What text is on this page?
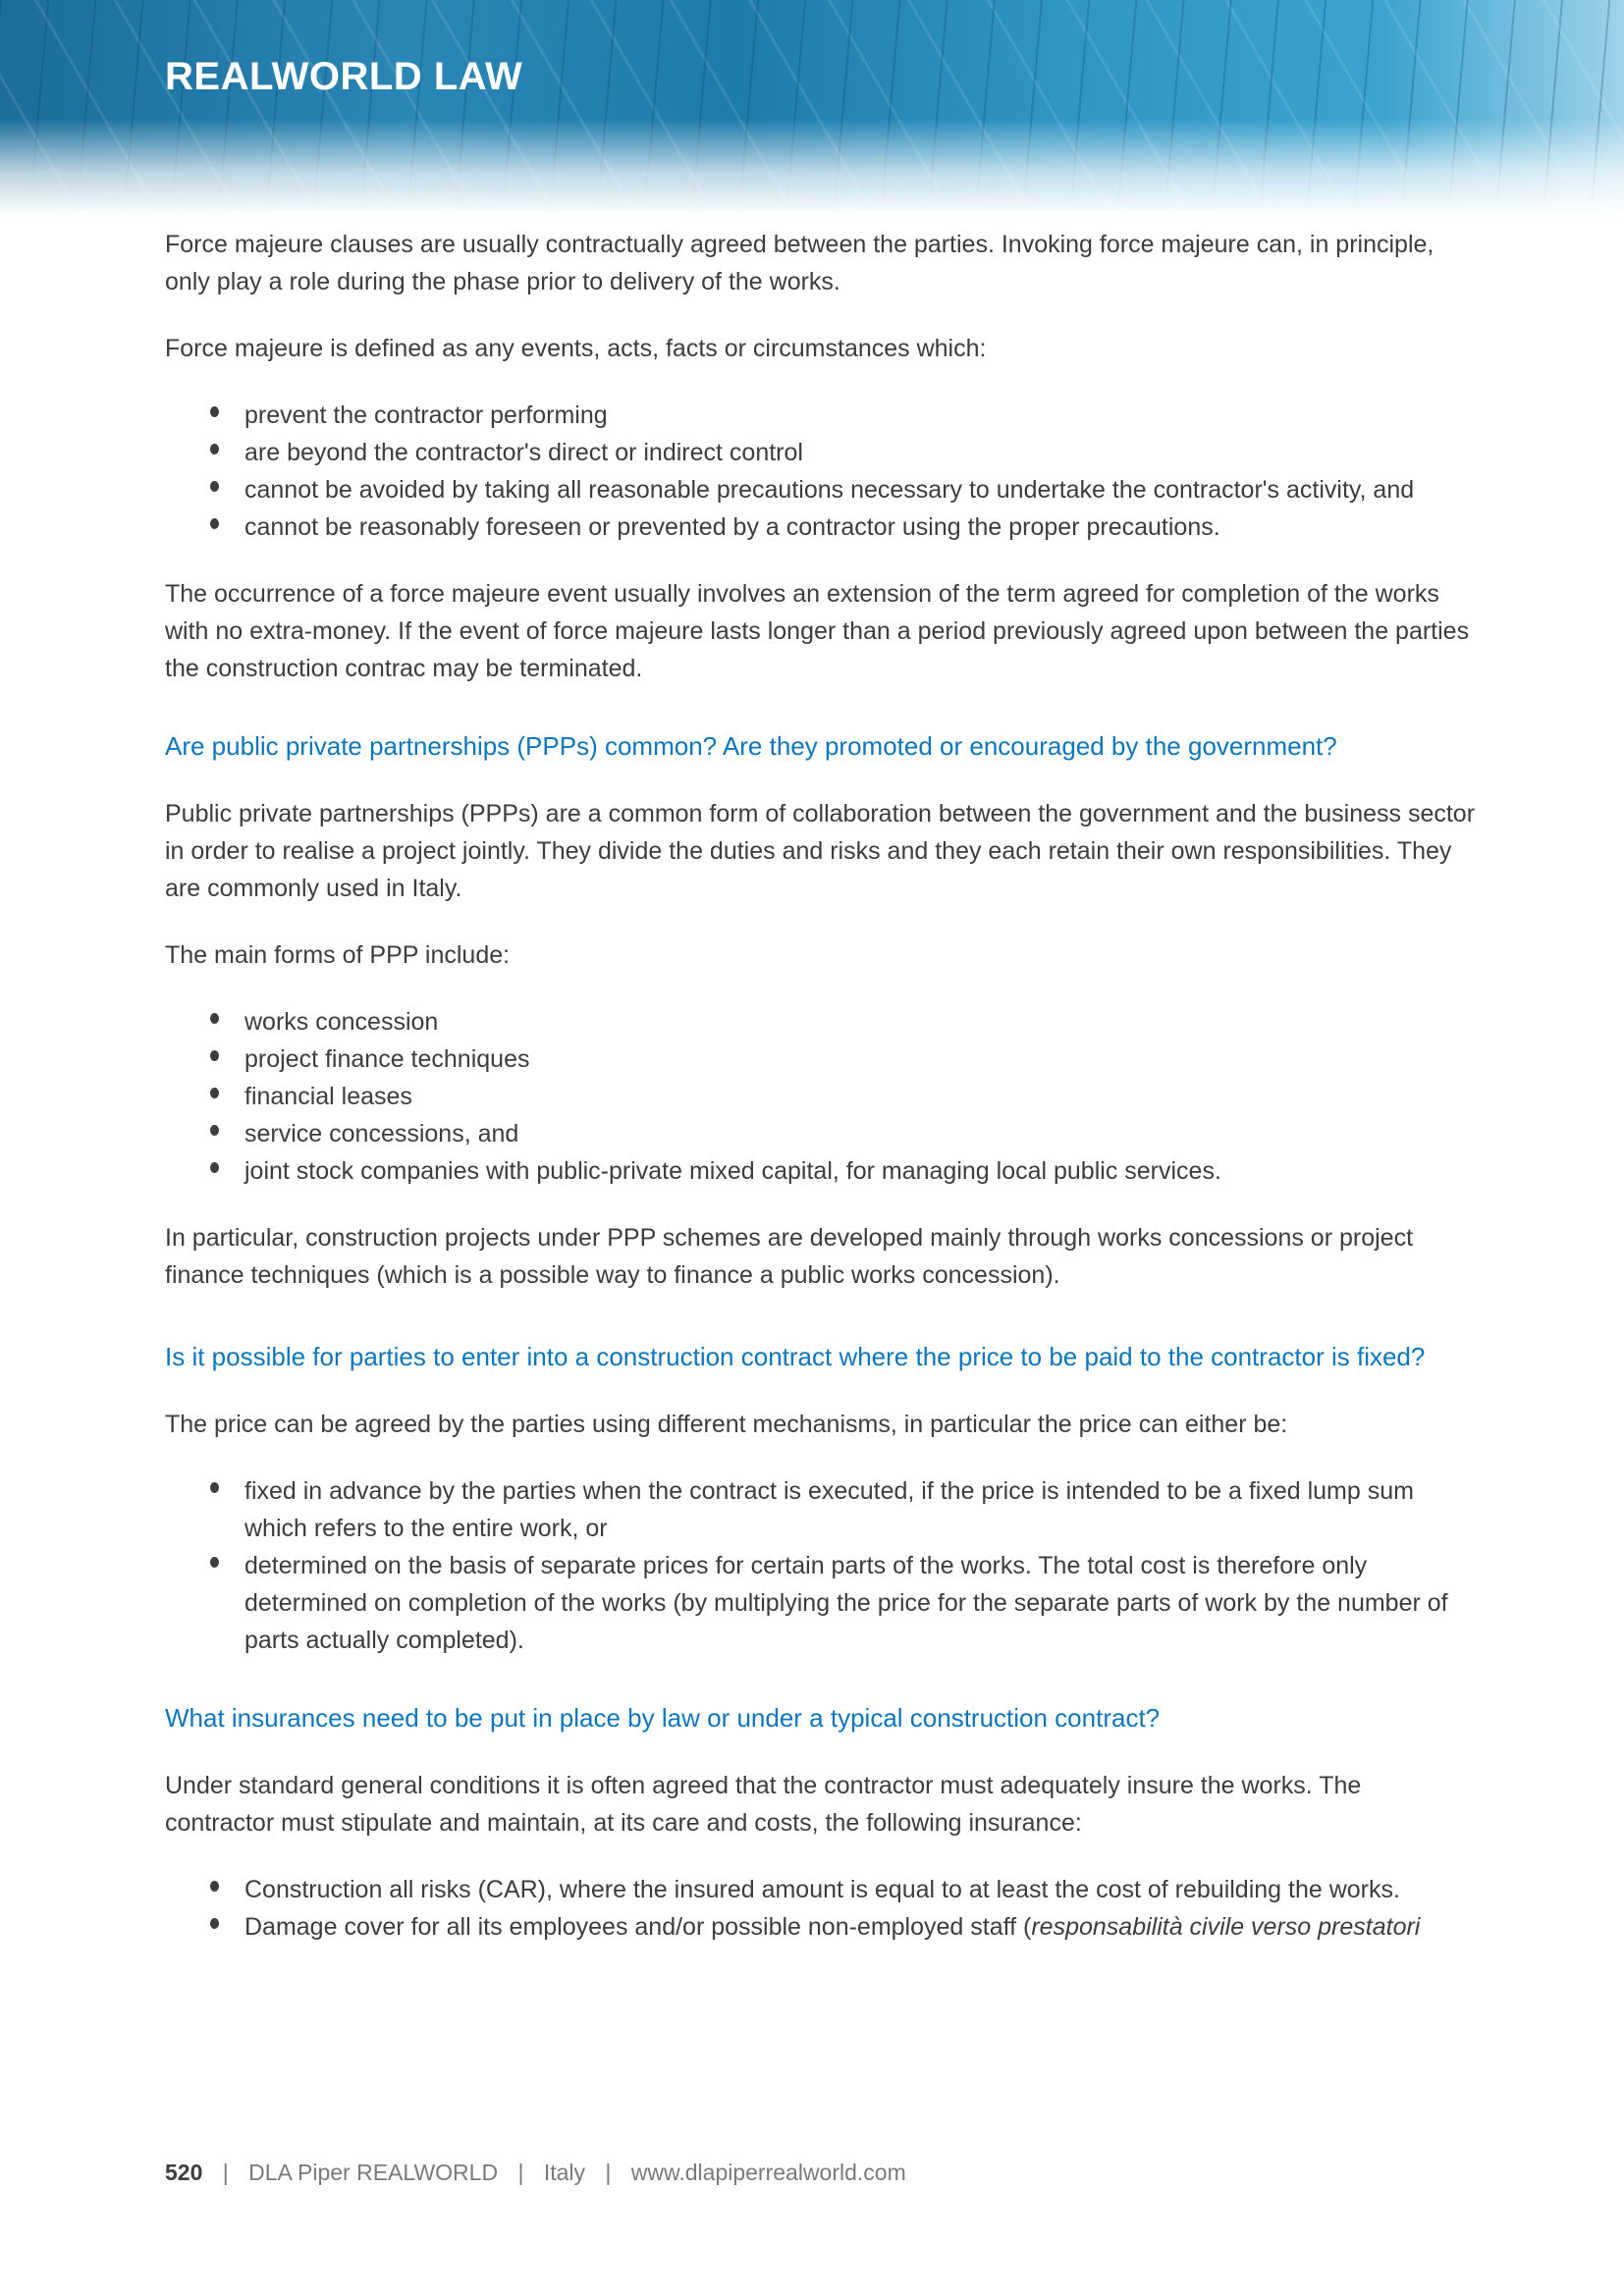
REALWORLD LAW

Force majeure clauses are usually contractually agreed between the parties. Invoking force majeure can, in principle, only play a role during the phase prior to delivery of the works.

Force majeure is defined as any events, acts, facts or circumstances which:

prevent the contractor performing
are beyond the contractor's direct or indirect control
cannot be avoided by taking all reasonable precautions necessary to undertake the contractor's activity, and
cannot be reasonably foreseen or prevented by a contractor using the proper precautions.

The occurrence of a force majeure event usually involves an extension of the term agreed for completion of the works with no extra-money. If the event of force majeure lasts longer than a period previously agreed upon between the parties the construction contrac may be terminated.

Are public private partnerships (PPPs) common? Are they promoted or encouraged by the government?

Public private partnerships (PPPs) are a common form of collaboration between the government and the business sector in order to realise a project jointly. They divide the duties and risks and they each retain their own responsibilities. They are commonly used in Italy.

The main forms of PPP include:

works concession
project finance techniques
financial leases
service concessions, and
joint stock companies with public-private mixed capital, for managing local public services.

In particular, construction projects under PPP schemes are developed mainly through works concessions or project finance techniques (which is a possible way to finance a public works concession).

Is it possible for parties to enter into a construction contract where the price to be paid to the contractor is fixed?

The price can be agreed by the parties using different mechanisms, in particular the price can either be:

fixed in advance by the parties when the contract is executed, if the price is intended to be a fixed lump sum which refers to the entire work, or
determined on the basis of separate prices for certain parts of the works. The total cost is therefore only determined on completion of the works (by multiplying the price for the separate parts of work by the number of parts actually completed).
What insurances need to be put in place by law or under a typical construction contract?

Under standard general conditions it is often agreed that the contractor must adequately insure the works. The contractor must stipulate and maintain, at its care and costs, the following insurance:

Construction all risks (CAR), where the insured amount is equal to at least the cost of rebuilding the works.
Damage cover for all its employees and/or possible non-employed staff (responsabilità civile verso prestatori
520 | DLA Piper REALWORLD | Italy | www.dlapiperrealworld.com
